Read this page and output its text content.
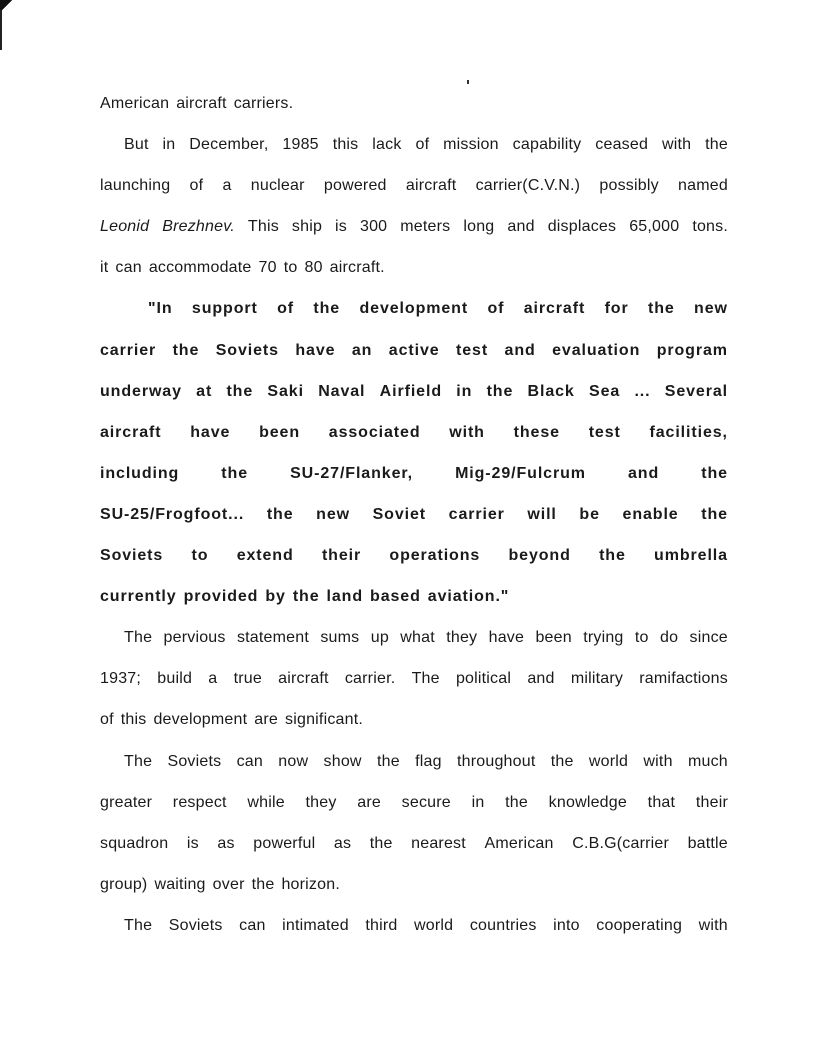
American aircraft carriers.
But in December, 1985 this lack of mission capability ceased with the
launching of a nuclear powered aircraft carrier(C.V.N.) possibly named
Leonid Brezhnev. This ship is 300 meters long and displaces 65,000 tons.
it can accommodate 70 to 80 aircraft.
"In support of the development of aircraft for the new
carrier the Soviets have an active test and evaluation program
underway at the Saki Naval Airfield in the Black Sea ... Several
aircraft have been associated with these test facilities,
including	the	SU-27/Flanker,	Mig-29/Fulcrum	and	the
SU-25/Frogfoot... the new Soviet carrier will be enable the
Soviets to extend their operations beyond the umbrella
currently provided by the land based aviation."
The pervious statement sums up what they have been trying to do since
1937; build a true aircraft carrier. The political and military ramifactions
of this development are significant.
The Soviets can now show the flag throughout the world with much
greater respect while they are secure in the knowledge that their
squadron is as powerful as the nearest American C.B.G(carrier battle
group) waiting over the horizon.
The Soviets can intimated third world countries into cooperating with
